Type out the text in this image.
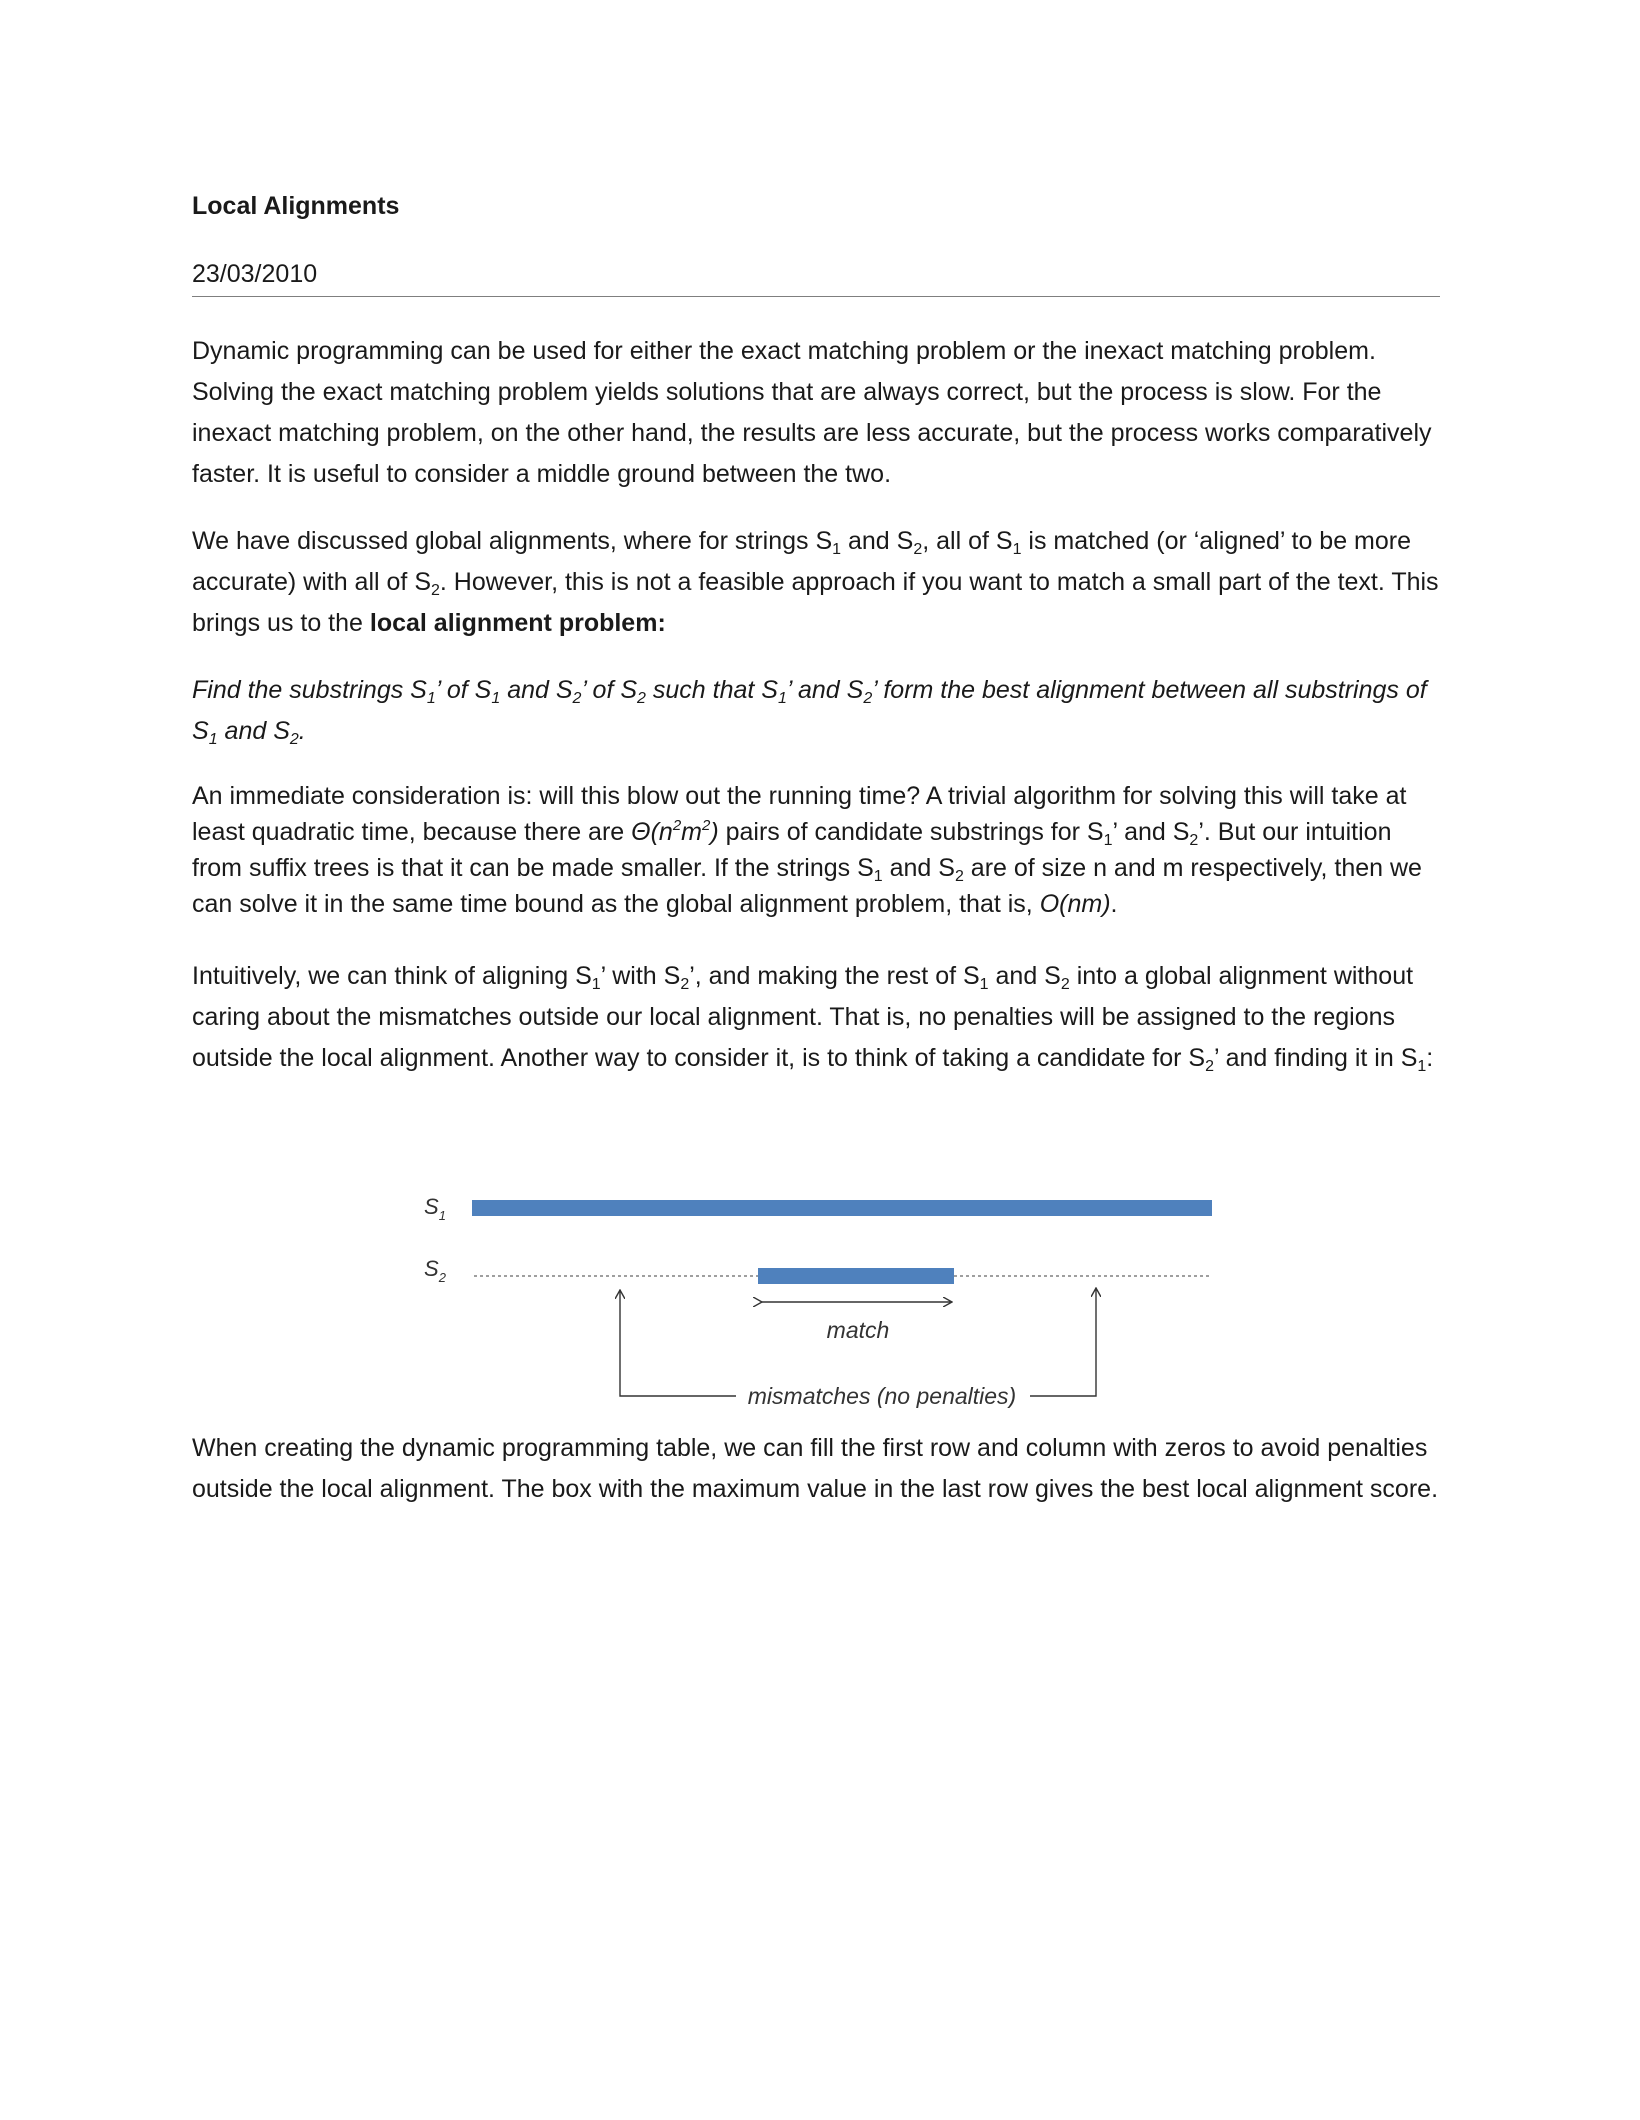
Local Alignments
23/03/2010

Dynamic programming can be used for either the exact matching problem or the inexact matching problem. Solving the exact matching problem yields solutions that are always correct, but the process is slow. For the inexact matching problem, on the other hand, the results are less accurate, but the process works comparatively faster. It is useful to consider a middle ground between the two.

We have discussed global alignments, where for strings $S_1$ and $S_2$, all of $S_1$ is matched (or ‘aligned’ to be more accurate) with all of $S_2$. However, this is not a feasible approach if you want to match a small part of the text. This brings us to the local alignment problem:

Find the substrings $S_1$’ of $S_1$ and $S_2$’ of $S_2$ such that $S_1$’ and $S_2$’ form the best alignment between all substrings of $S_1$ and $S_2$.

An immediate consideration is: will this blow out the running time? A trivial algorithm for solving this will take at least quadratic time, because there are $\Theta(n^2m^2)$ pairs of candidate substrings for $S_1$’ and $S_2$’. But our intuition from suffix trees is that it can be made smaller. If the strings $S_1$ and $S_2$ are of size n and m respectively, then we can solve it in the same time bound as the global alignment problem, that is, O(nm).

Intuitively, we can think of aligning $S_1$’ with $S_2$’, and making the rest of $S_1$ and $S_2$ into a global alignment without caring about the mismatches outside our local alignment. That is, no penalties will be assigned to the regions outside the local alignment. Another way to consider it, is to think of taking a candidate for $S_2$’ and finding it in $S_1$:

$S_1$
$S_2$
match
mismatches (no penalties)

When creating the dynamic programming table, we can fill the first row and column with zeros to avoid penalties outside the local alignment. The box with the maximum value in the last row gives the best local alignment score.
